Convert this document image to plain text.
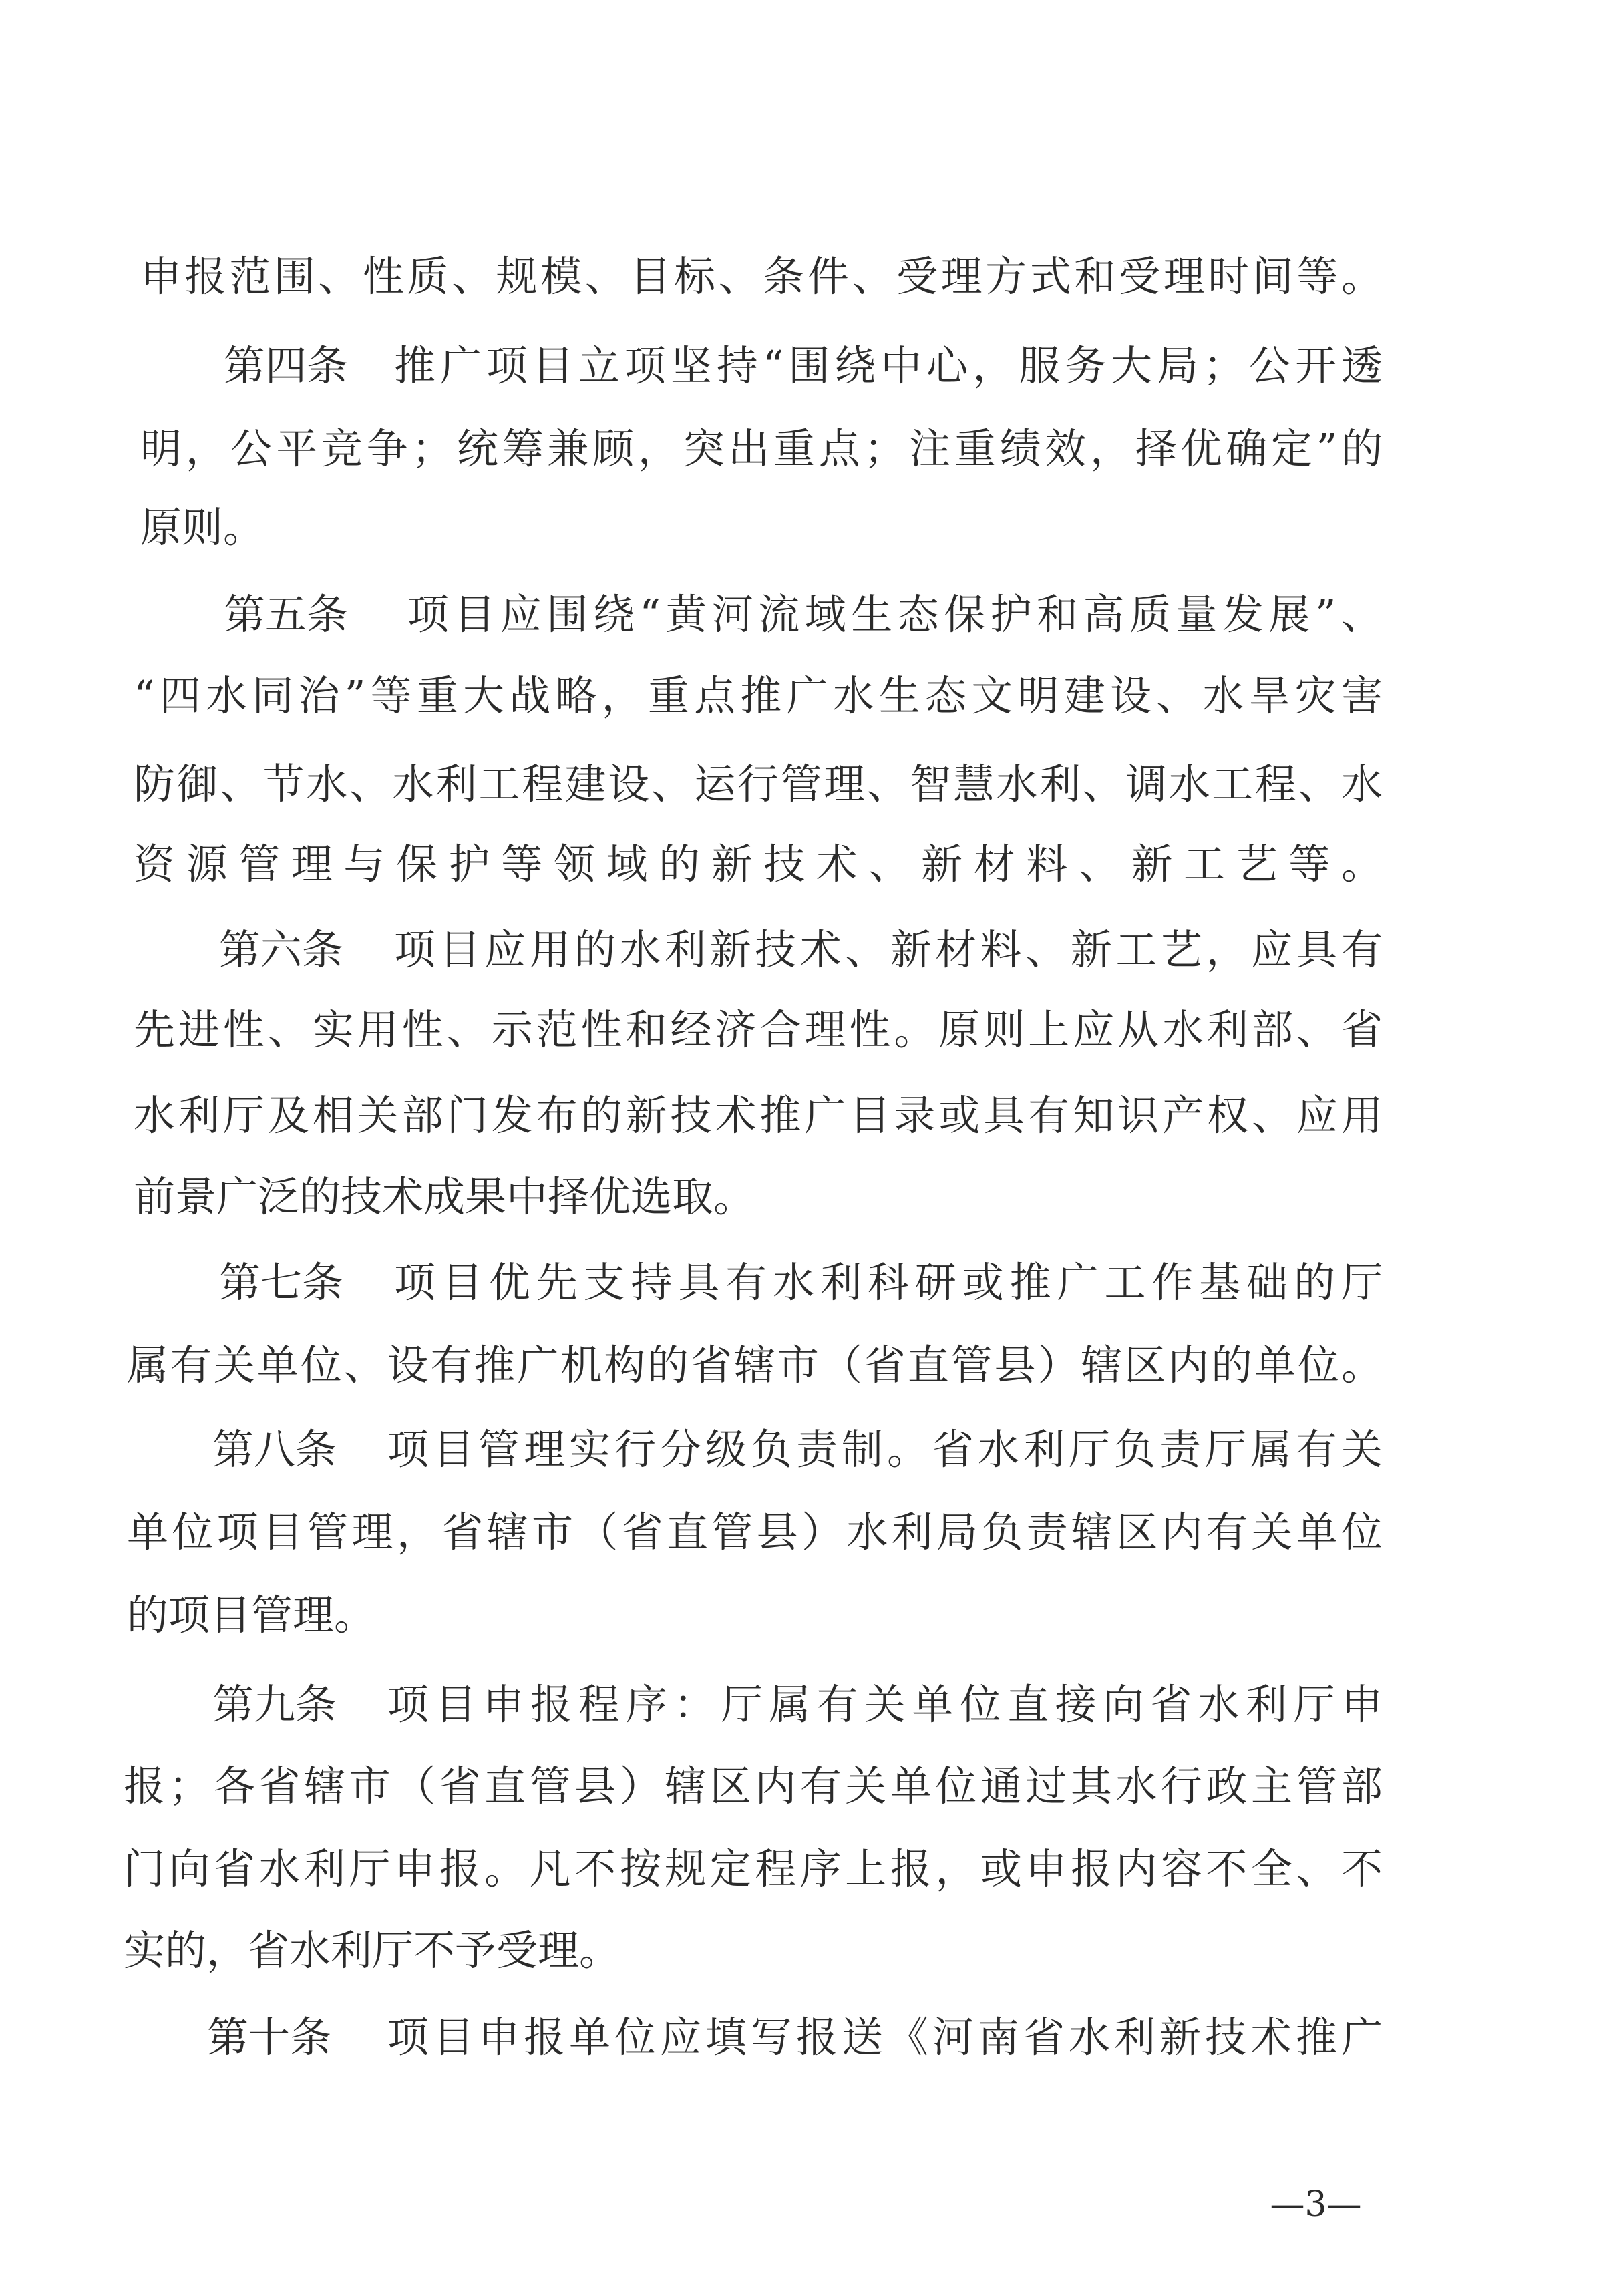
申报范围、性质、规模、目标、条件、受理方式和受理时间等。
第四条 推广项目立项坚持“围绕中心，服务大局；公开透
明，公平竞争；统筹兼顾，突出重点；注重绩效，择优确定”的
原则。
第五条 项目应围绕“黄河流域生态保护和高质量发展”、
“四水同治”等重大战略，重点推广水生态文明建设、水旱灾害
防御、节水、水利工程建设、运行管理、智慧水利、调水工程、水
资源管理与保护等领域的新技术、新材料、新工艺等。
第六条 项目应用的水利新技术、新材料、新工艺，应具有
先进性、实用性、示范性和经济合理性。原则上应从水利部、省
水利厅及相关部门发布的新技术推广目录或具有知识产权、应用
前景广泛的技术成果中择优选取。
第七条 项目优先支持具有水利科研或推广工作基础的厅
属有关单位、设有推广机构的省辖市（省直管县）辖区内的单位。
第八条 项目管理实行分级负责制。省水利厅负责厅属有关
单位项目管理，省辖市（省直管县）水利局负责辖区内有关单位
的项目管理。
第九条 项目申报程序：厅属有关单位直接向省水利厅申
报；各省辖市（省直管县）辖区内有关单位通过其水行政主管部
门向省水利厅申报。凡不按规定程序上报，或申报内容不全、不
实的，省水利厅不予受理。
第十条 项目申报单位应填写报送《河南省水利新技术推广
—3—
